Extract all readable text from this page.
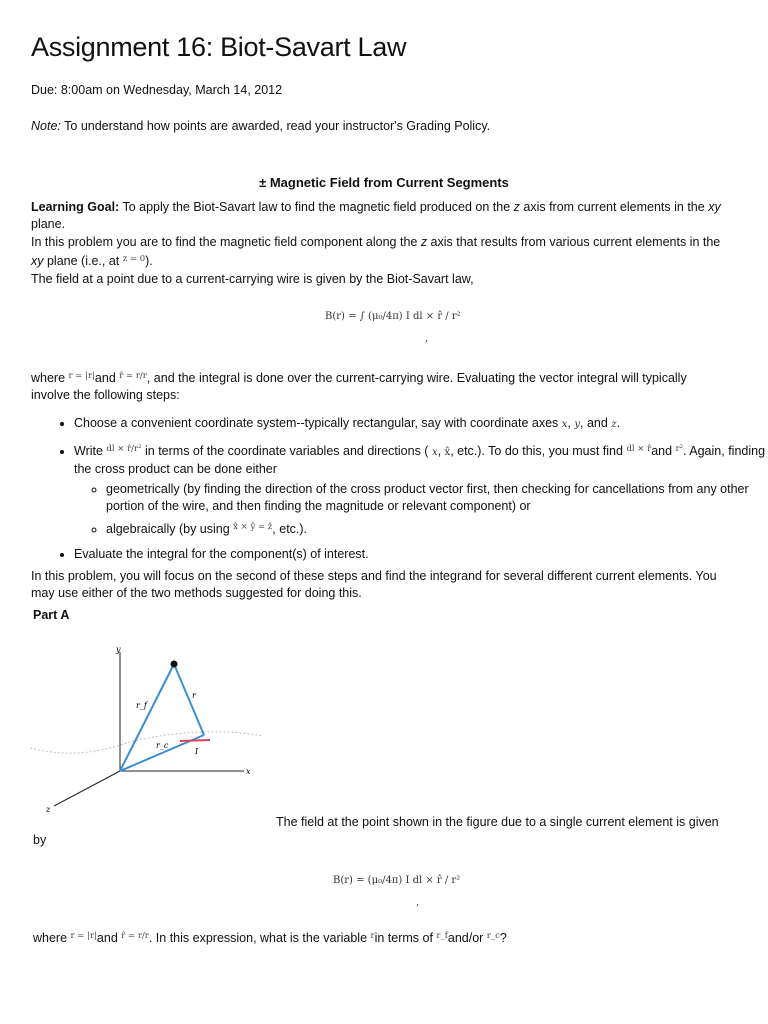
Assignment 16: Biot-Savart Law
Due: 8:00am on Wednesday, March 14, 2012
Note: To understand how points are awarded, read your instructor's Grading Policy.
± Magnetic Field from Current Segments
Learning Goal: To apply the Biot-Savart law to find the magnetic field produced on the z axis from current elements in the xy plane.
In this problem you are to find the magnetic field component along the z axis that results from various current elements in the xy plane (i.e., at $^{z = 0}$).
The field at a point due to a current-carrying wire is given by the Biot-Savart law,
B(r) = ∫ (μ₀/4π) I dl × r̂ / r²
,
where $^{r = |r|}$and $^{r̂ = r/r}$, and the integral is done over the current-carrying wire. Evaluating the vector integral will typically involve the following steps:
• Choose a convenient coordinate system--typically rectangular, say with coordinate axes x, y, and z.
• Write $^{dl \times r̂/r^2}$ in terms of the coordinate variables and directions ( x, x̂, etc.). To do this, you must find $^{dl \times r̂}$and $^{r^2}$. Again, finding the cross product can be done either
◦ geometrically (by finding the direction of the cross product vector first, then checking for cancellations from any other portion of the wire, and then finding the magnitude or relevant component) or
◦ algebraically (by using $^{x̂ \times ŷ = ẑ}$, etc.).
• Evaluate the integral for the component(s) of interest.
In this problem, you will focus on the second of these steps and find the integrand for several different current elements. You may use either of the two methods suggested for doing this.
Part A
y
x
z
r_f
r
r_c
I
The field at the point shown in the figure due to a single current element is given
by
B(r) = (μ₀/4π) I dl × r̂ / r²
,
where $^{r = |r|}$and $^{r̂ = r/r}$. In this expression, what is the variable $^r$in terms of $^{r\_f}$and/or $^{r\_c}$?
